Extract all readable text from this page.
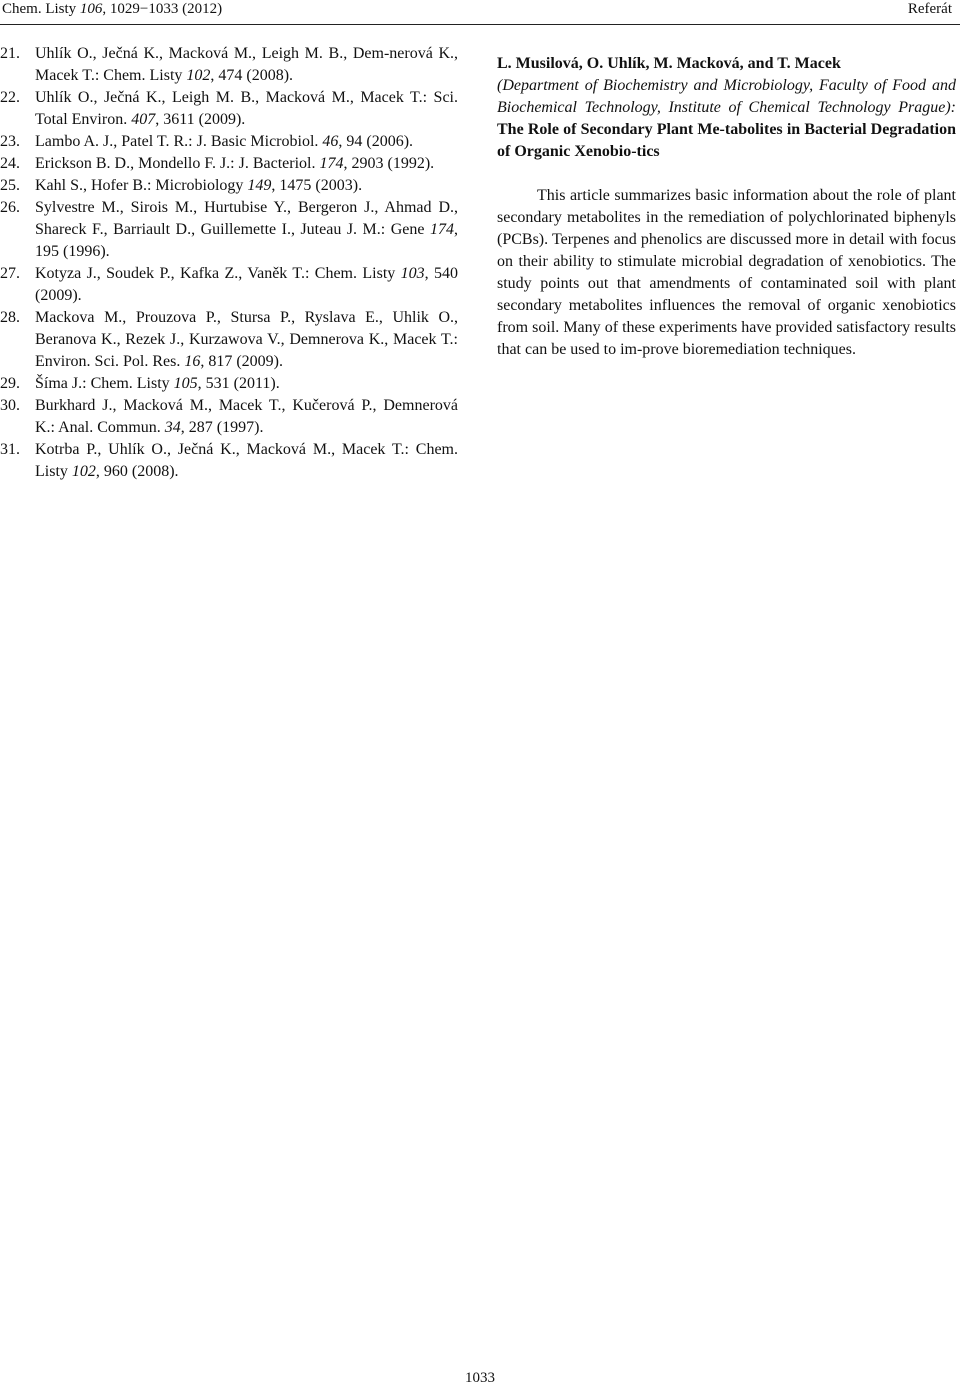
Chem. Listy 106, 1029−1033 (2012)	Referát
21. Uhlík O., Ječná K., Macková M., Leigh M. B., Dem-nerová K., Macek T.: Chem. Listy 102, 474 (2008).
22. Uhlík O., Ječná K., Leigh M. B., Macková M., Macek T.: Sci. Total Environ. 407, 3611 (2009).
23. Lambo A. J., Patel T. R.: J. Basic Microbiol. 46, 94 (2006).
24. Erickson B. D., Mondello F. J.: J. Bacteriol. 174, 2903 (1992).
25. Kahl S., Hofer B.: Microbiology 149, 1475 (2003).
26. Sylvestre M., Sirois M., Hurtubise Y., Bergeron J., Ahmad D., Shareck F., Barriault D., Guillemette I., Juteau J. M.: Gene 174, 195 (1996).
27. Kotyza J., Soudek P., Kafka Z., Vaněk T.: Chem. Listy 103, 540 (2009).
28. Mackova M., Prouzova P., Stursa P., Ryslava E., Uhlik O., Beranova K., Rezek J., Kurzawova V., Demnerova K., Macek T.: Environ. Sci. Pol. Res. 16, 817 (2009).
29. Šíma J.: Chem. Listy 105, 531 (2011).
30. Burkhard J., Macková M., Macek T., Kučerová P., Demnerová K.: Anal. Commun. 34, 287 (1997).
31. Kotrba P., Uhlík O., Ječná K., Macková M., Macek T.: Chem. Listy 102, 960 (2008).
L. Musilová, O. Uhlík, M. Macková, and T. Macek
(Department of Biochemistry and Microbiology, Faculty of Food and Biochemical Technology, Institute of Chemical Technology Prague): The Role of Secondary Plant Me-tabolites in Bacterial Degradation of Organic Xenobio-tics

This article summarizes basic information about the role of plant secondary metabolites in the remediation of polychlorinated biphenyls (PCBs). Terpenes and phenolics are discussed more in detail with focus on their ability to stimulate microbial degradation of xenobiotics. The study points out that amendments of contaminated soil with plant secondary metabolites influences the removal of organic xenobiotics from soil. Many of these experiments have provided satisfactory results that can be used to im-prove bioremediation techniques.

1033
